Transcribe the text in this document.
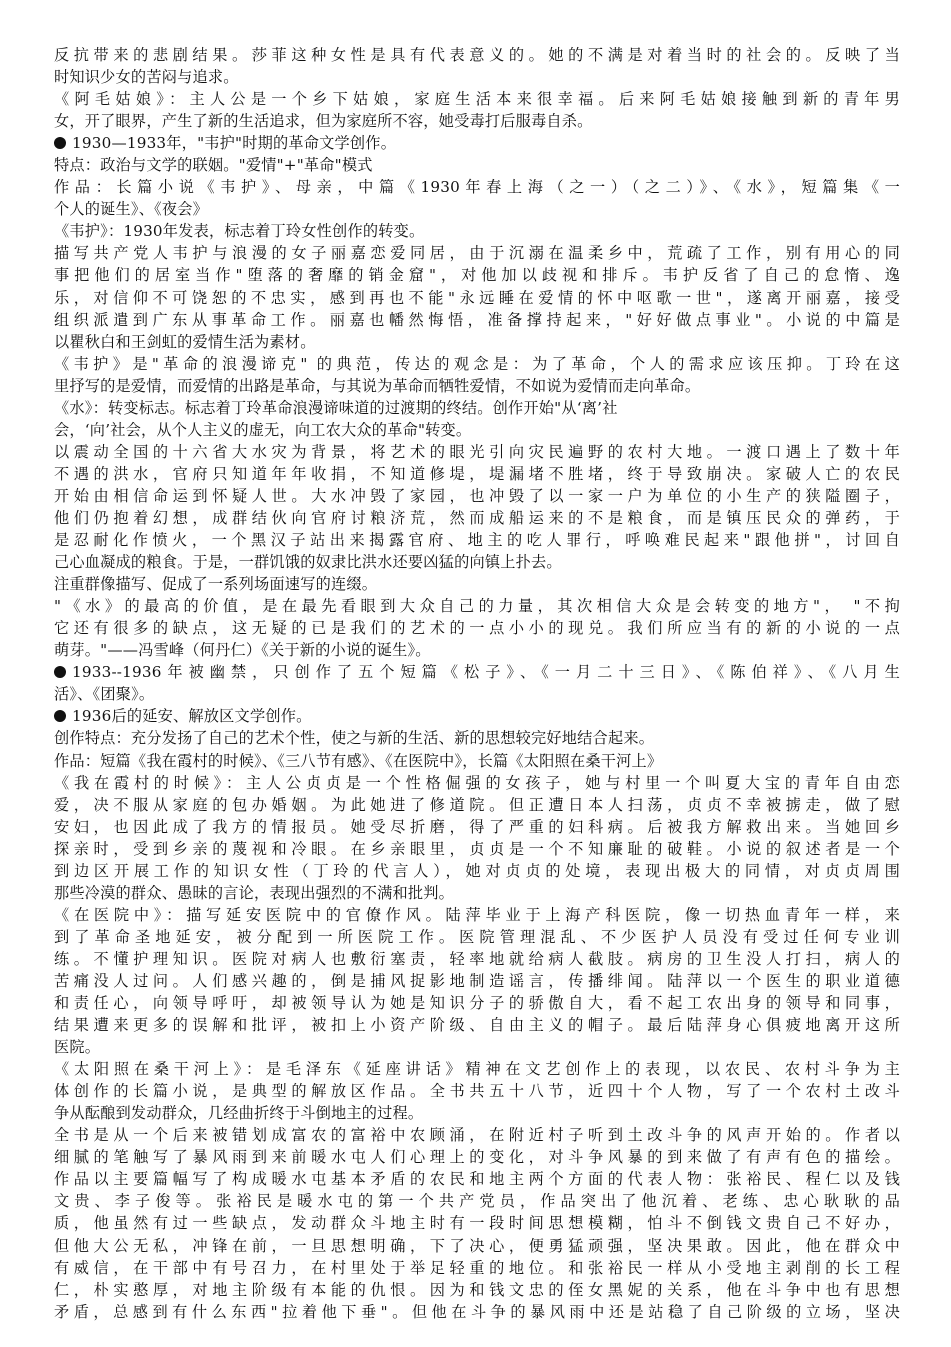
反抗带来的悲剧结果。莎菲这种女性是具有代表意义的。她的不满是对着当时的社会的。反映了当
时知识少女的苦闷与追求。
《阿毛姑娘》：主人公是一个乡下姑娘，家庭生活本来很幸福。后来阿毛姑娘接触到新的青年男
女，开了眼界，产生了新的生活追求，但为家庭所不容，她受毒打后服毒自杀。
1930—1933年，"韦护"时期的革命文学创作。
特点：政治与文学的联姻。"爱情"+"革命"模式
作品：长篇小说《韦护》、母亲，中篇《1930年春上海（之一）（之二）》、《水》，短篇集《一
个人的诞生》、《夜会》
《韦护》：1930年发表，标志着丁玲女性创作的转变。
描写共产党人韦护与浪漫的女子丽嘉恋爱同居，由于沉溺在温柔乡中，荒疏了工作，别有用心的同
事把他们的居室当作"堕落的奢靡的销金窟"，对他加以歧视和排斥。韦护反省了自己的怠惰、逸
乐，对信仰不可饶恕的不忠实，感到再也不能"永远睡在爱情的怀中呕歌一世"，遂离开丽嘉，接受
组织派遣到广东从事革命工作。丽嘉也幡然悔悟，准备撑持起来，"好好做点事业"。小说的中篇是
以瞿秋白和王剑虹的爱情生活为素材。
《韦护》是"革命的浪漫谛克" 的典范，传达的观念是：为了革命，个人的需求应该压抑。丁玲在这
里抒写的是爱情，而爱情的出路是革命，与其说为革命而牺牲爱情，不如说为爱情而走向革命。
《水》：转变标志。标志着丁玲革命浪漫谛味道的过渡期的终结。创作开始"从‘离’社
会，‘向’社会，从个人主义的虚无，向工农大众的革命"转变。
以震动全国的十六省大水灾为背景，将艺术的眼光引向灾民遍野的农村大地。一渡口遇上了数十年
不遇的洪水，官府只知道年年收捐，不知道修堤，堤漏堵不胜堵，终于导致崩决。家破人亡的农民
开始由相信命运到怀疑人世。大水冲毁了家园，也冲毁了以一家一户为单位的小生产的狭隘圈子，
他们仍抱着幻想，成群结伙向官府讨粮济荒，然而成船运来的不是粮食，而是镇压民众的弹药，于
是忍耐化作愤火，一个黑汉子站出来揭露官府、地主的吃人罪行，呼唤难民起来"跟他拼"，讨回自
己心血凝成的粮食。于是，一群饥饿的奴隶比洪水还要凶猛的向镇上扑去。
注重群像描写、促成了一系列场面速写的连缀。
"《水》的最高的价值，是在最先看眼到大众自己的力量，其次相信大众是会转变的地方"， "不拘
它还有很多的缺点，这无疑的已是我们的艺术的一点小小的现兑。我们所应当有的新的小说的一点
萌芽。"——冯雪峰（何丹仁）《关于新的小说的诞生》。
1933--1936年被幽禁，只创作了五个短篇《松子》、《一月二十三日》、《陈伯祥》、《八月生
活》、《团聚》。
1936后的延安、解放区文学创作。
创作特点：充分发扬了自己的艺术个性，使之与新的生活、新的思想较完好地结合起来。
作品：短篇《我在霞村的时候》、《三八节有感》、《在医院中》，长篇《太阳照在桑干河上》
《我在霞村的时候》：主人公贞贞是一个性格倔强的女孩子，她与村里一个叫夏大宝的青年自由恋
爱，决不服从家庭的包办婚姻。为此她进了修道院。但正遭日本人扫荡，贞贞不幸被掳走，做了慰
安妇，也因此成了我方的情报员。她受尽折磨，得了严重的妇科病。后被我方解救出来。当她回乡
探亲时，受到乡亲的蔑视和冷眼。在乡亲眼里，贞贞是一个不知廉耻的破鞋。小说的叙述者是一个
到边区开展工作的知识女性（丁玲的代言人），她对贞贞的处境，表现出极大的同情，对贞贞周围
那些冷漠的群众、愚昧的言论，表现出强烈的不满和批判。
《在医院中》：描写延安医院中的官僚作风。陆萍毕业于上海产科医院，像一切热血青年一样，来
到了革命圣地延安，被分配到一所医院工作。医院管理混乱、不少医护人员没有受过任何专业训
练。不懂护理知识。医院对病人也敷衍塞责，轻率地就给病人截肢。病房的卫生没人打扫，病人的
苦痛没人过问。人们感兴趣的，倒是捕风捉影地制造谣言，传播绯闻。陆萍以一个医生的职业道德
和责任心，向领导呼吁，却被领导认为她是知识分子的骄傲自大，看不起工农出身的领导和同事，
结果遭来更多的误解和批评，被扣上小资产阶级、自由主义的帽子。最后陆萍身心俱疲地离开这所
医院。
《太阳照在桑干河上》：是毛泽东《延座讲话》精神在文艺创作上的表现，以农民、农村斗争为主
体创作的长篇小说，是典型的解放区作品。全书共五十八节，近四十个人物，写了一个农村土改斗
争从酝酿到发动群众，几经曲折终于斗倒地主的过程。
全书是从一个后来被错划成富农的富裕中农顾涌，在附近村子听到土改斗争的风声开始的。作者以
细腻的笔触写了暴风雨到来前暖水屯人们心理上的变化，对斗争风暴的到来做了有声有色的描绘。
作品以主要篇幅写了构成暖水屯基本矛盾的农民和地主两个方面的代表人物：张裕民、程仁以及钱
文贵、李子俊等。张裕民是暖水屯的第一个共产党员，作品突出了他沉着、老练、忠心耿耿的品
质，他虽然有过一些缺点，发动群众斗地主时有一段时间思想模糊，怕斗不倒钱文贵自己不好办，
但他大公无私，冲锋在前，一旦思想明确，下了决心，便勇猛顽强，坚决果敢。因此，他在群众中
有威信，在干部中有号召力，在村里处于举足轻重的地位。和张裕民一样从小受地主剥削的长工程
仁，朴实憨厚，对地主阶级有本能的仇恨。因为和钱文忠的侄女黑妮的关系，他在斗争中也有思想
矛盾，总感到有什么东西"拉着他下垂"。但他在斗争的暴风雨中还是站稳了自己阶级的立场，坚决
